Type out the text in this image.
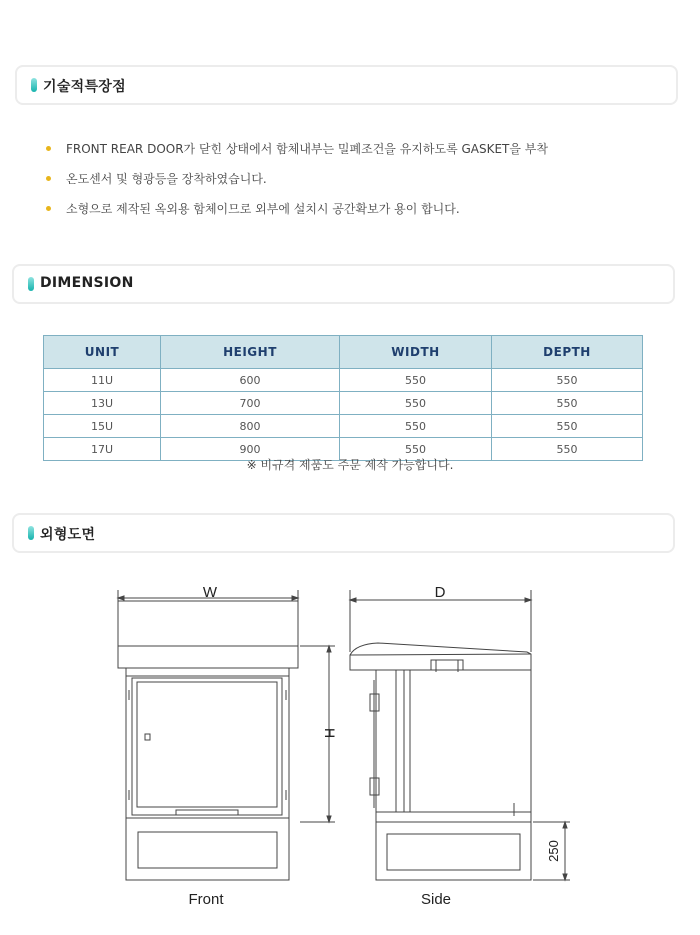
기술적특장점
FRONT REAR DOOR가 닫힌 상태에서 함체내부는 밀폐조건을 유지하도록 GASKET을 부착
온도센서 및 형광등을 장착하였습니다.
소형으로 제작된 옥외용 함체이므로 외부에 설치시 공간확보가 용이 합니다.
DIMENSION
UNIT	HEIGHT	WIDTH	DEPTH
11U	600	550	550
13U	700	550	550
15U	800	550	550
17U	900	550	550
※ 비규격 제품도 주문 제작 가능합니다.
외형도면
W	D
H
250
Front	Side
